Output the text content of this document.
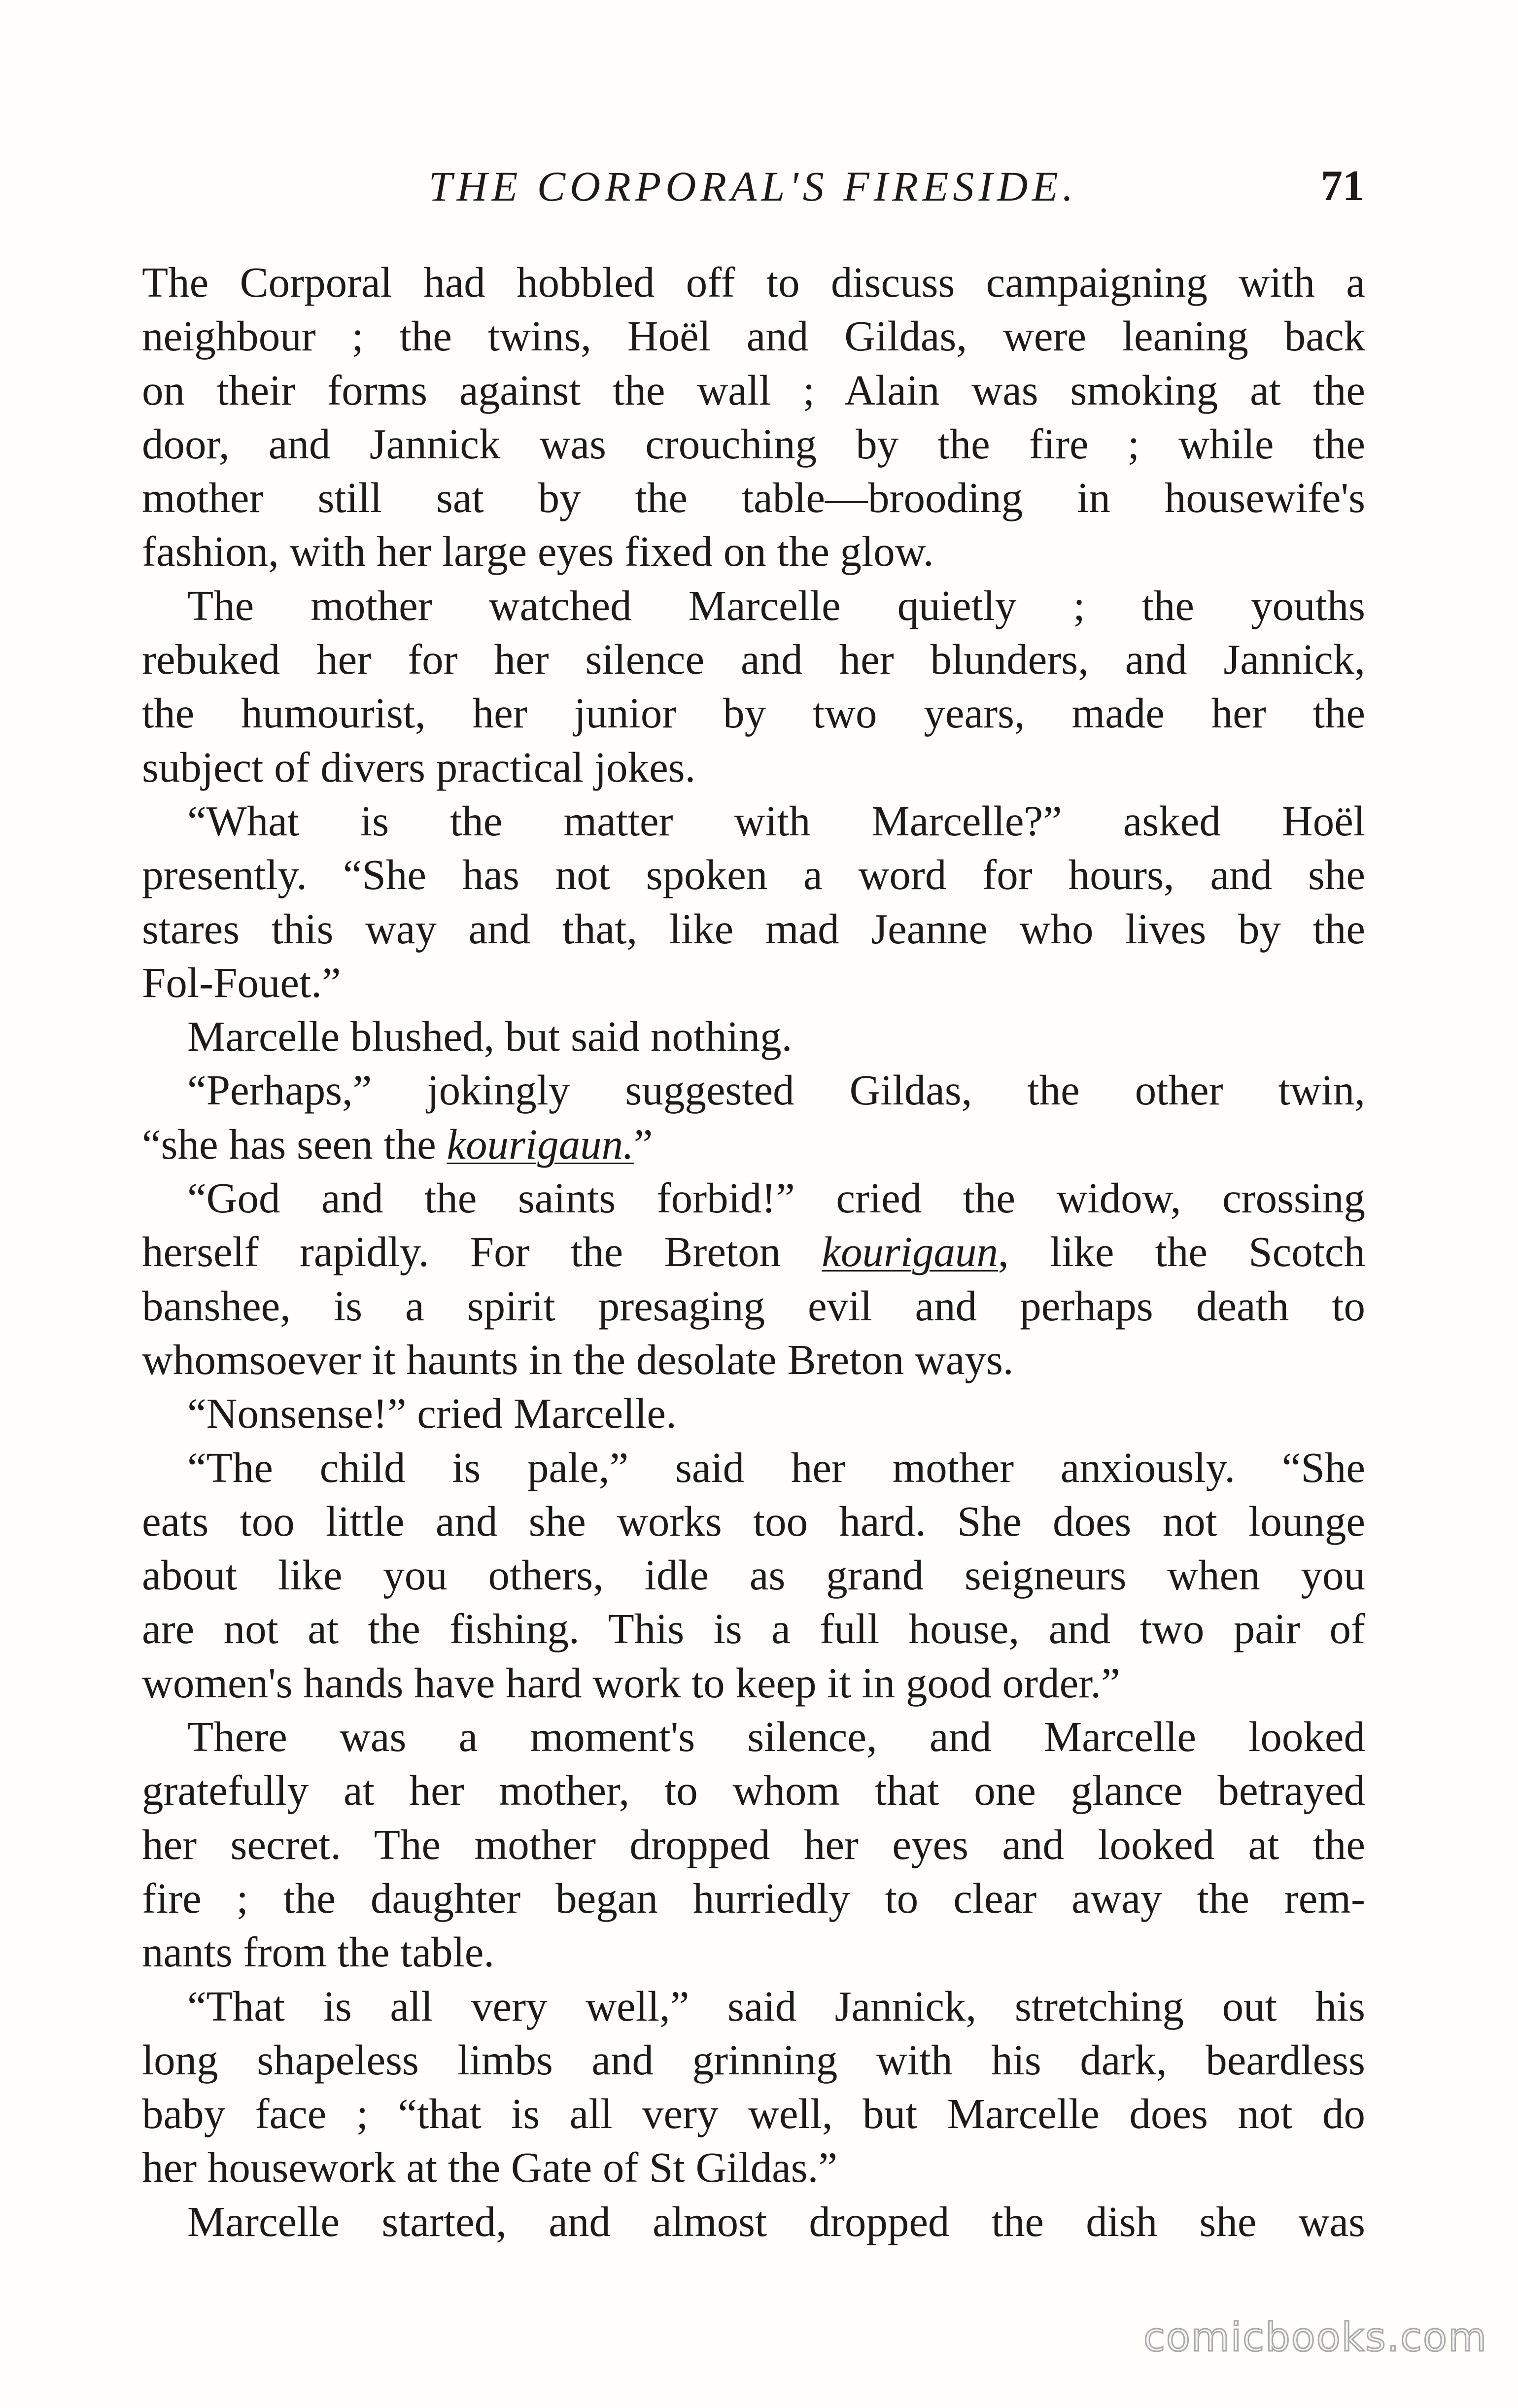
THE CORPORAL'S FIRESIDE.	71
The Corporal had hobbled off to discuss campaigning with a
neighbour ; the twins, Hoël and Gildas, were leaning back
on their forms against the wall ; Alain was smoking at the
door, and Jannick was crouching by the fire ; while the
mother still sat by the table—brooding in housewife's
fashion, with her large eyes fixed on the glow.
The mother watched Marcelle quietly ; the youths
rebuked her for her silence and her blunders, and Jannick,
the humourist, her junior by two years, made her the
subject of divers practical jokes.
“What is the matter with Marcelle?” asked Hoël
presently. “She has not spoken a word for hours, and she
stares this way and that, like mad Jeanne who lives by the
Fol-Fouet.”
Marcelle blushed, but said nothing.
“Perhaps,” jokingly suggested Gildas, the other twin,
“she has seen the kourigaun.”
“God and the saints forbid!” cried the widow, crossing
herself rapidly. For the Breton kourigaun, like the Scotch
banshee, is a spirit presaging evil and perhaps death to
whomsoever it haunts in the desolate Breton ways.
“Nonsense!” cried Marcelle.
“The child is pale,” said her mother anxiously. “She
eats too little and she works too hard. She does not lounge
about like you others, idle as grand seigneurs when you
are not at the fishing. This is a full house, and two pair of
women's hands have hard work to keep it in good order.”
There was a moment's silence, and Marcelle looked
gratefully at her mother, to whom that one glance betrayed
her secret. The mother dropped her eyes and looked at the
fire ; the daughter began hurriedly to clear away the rem-
nants from the table.
“That is all very well,” said Jannick, stretching out his
long shapeless limbs and grinning with his dark, beardless
baby face ; “that is all very well, but Marcelle does not do
her housework at the Gate of St Gildas.”
Marcelle started, and almost dropped the dish she was
comicbooks.com
